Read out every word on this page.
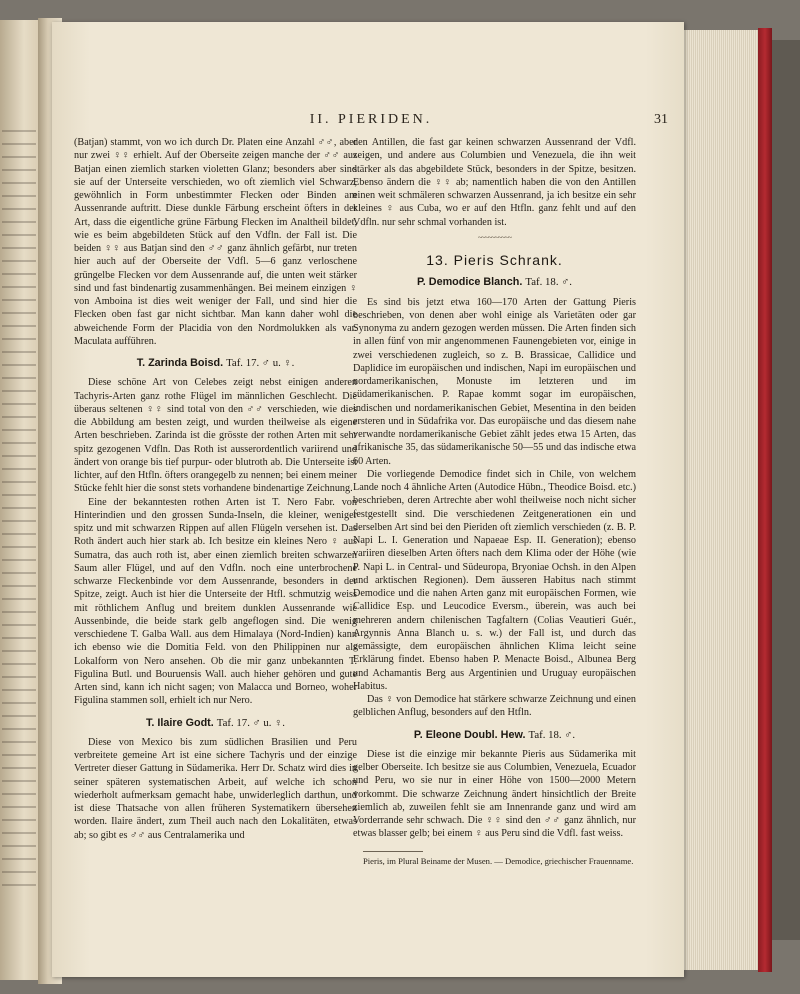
II. PIERIDEN.	31

(Batjan) stammt, von wo ich durch Dr. Platen eine Anzahl ♂♂, aber nur zwei ♀♀ erhielt. Auf der Oberseite zeigen manche der ♂♂ aus Batjan einen ziemlich starken violetten Glanz; besonders aber sind sie auf der Unterseite verschieden, wo oft ziemlich viel Schwarz, gewöhnlich in Form unbestimmter Flecken oder Binden am Aussenrande auftritt. Diese dunkle Färbung erscheint öfters in der Art, dass die eigentliche grüne Färbung Flecken im Analtheil bildet, wie es beim abgebildeten Stück auf den Vdfln. der Fall ist. Die beiden ♀♀ aus Batjan sind den ♂♂ ganz ähnlich gefärbt, nur treten hier auch auf der Oberseite der Vdfl. 5—6 ganz verloschene grüngelbe Flecken vor dem Aussenrande auf, die unten weit stärker sind und fast bindenartig zusammenhängen. Bei meinem einzigen ♀ von Amboina ist dies weit weniger der Fall, und sind hier die Flecken oben fast gar nicht sichtbar. Man kann daher wohl die abweichende Form der Placidia von den Nordmolukken als var. Maculata aufführen.

T. Zarinda Boisd. Taf. 17. ♂ u. ♀.

Diese schöne Art von Celebes zeigt nebst einigen anderen Tachyris-Arten ganz rothe Flügel im männlichen Geschlecht. Die überaus seltenen ♀♀ sind total von den ♂♂ verschieden, wie dies die Abbildung am besten zeigt, und wurden theilweise als eigene Arten beschrieben. Zarinda ist die grösste der rothen Arten mit sehr spitz gezogenen Vdfln. Das Roth ist ausserordentlich variirend und ändert von orange bis tief purpur- oder blutroth ab. Die Unterseite ist lichter, auf den Htfln. öfters orangegelb zu nennen; bei einem meiner Stücke fehlt hier die sonst stets vorhandene bindenartige Zeichnung.

Eine der bekanntesten rothen Arten ist T. Nero Fabr. von Hinterindien und den grossen Sunda-Inseln, die kleiner, weniger spitz und mit schwarzen Rippen auf allen Flügeln versehen ist. Das Roth ändert auch hier stark ab. Ich besitze ein kleines Nero ♀ aus Sumatra, das auch roth ist, aber einen ziemlich breiten schwarzen Saum aller Flügel, und auf den Vdfln. noch eine unterbrochene schwarze Fleckenbinde vor dem Aussenrande, besonders in der Spitze, zeigt. Auch ist hier die Unterseite der Htfl. schmutzig weiss mit röthlichem Anflug und breitem dunklen Aussenrande wie Aussenbinde, die beide stark gelb angeflogen sind. Die wenig verschiedene T. Galba Wall. aus dem Himalaya (Nord-Indien) kann ich ebenso wie die Domitia Feld. von den Philippinen nur als Lokalform von Nero ansehen. Ob die mir ganz unbekannten T. Figulina Butl. und Bouruensis Wall. auch hieher gehören und gute Arten sind, kann ich nicht sagen; von Malacca und Borneo, woher Figulina stammen soll, erhielt ich nur Nero.

T. Ilaire Godt. Taf. 17. ♂ u. ♀.

Diese von Mexico bis zum südlichen Brasilien und Peru verbreitete gemeine Art ist eine sichere Tachyris und der einzige Vertreter dieser Gattung in Südamerika. Herr Dr. Schatz wird dies in seiner späteren systematischen Arbeit, auf welche ich schon wiederholt aufmerksam gemacht habe, unwiderleglich darthun, und ist diese Thatsache von allen früheren Systematikern übersehen worden. Ilaire ändert, zum Theil auch nach den Lokalitäten, etwas ab; so gibt es ♂♂ aus Centralamerika und

den Antillen, die fast gar keinen schwarzen Aussenrand der Vdfl. zeigen, und andere aus Columbien und Venezuela, die ihn weit stärker als das abgebildete Stück, besonders in der Spitze, besitzen. Ebenso ändern die ♀♀ ab; namentlich haben die von den Antillen einen weit schmäleren schwarzen Aussenrand, ja ich besitze ein sehr kleines ♀ aus Cuba, wo er auf den Htfln. ganz fehlt und auf den Vdfln. nur sehr schmal vorhanden ist.

~~~~~~~~~~
13. Pieris Schrank.
P. Demodice Blanch. Taf. 18. ♂.

Es sind bis jetzt etwa 160—170 Arten der Gattung Pieris beschrieben, von denen aber wohl einige als Varietäten oder gar Synonyma zu andern gezogen werden müssen. Die Arten finden sich in allen fünf von mir angenommenen Faunengebieten vor, einige in zwei verschiedenen zugleich, so z. B. Brassicae, Callidice und Daplidice im europäischen und indischen, Napi im europäischen und nordamerikanischen, Monuste im letzteren und im südamerikanischen. P. Rapae kommt sogar im europäischen, indischen und nordamerikanischen Gebiet, Mesentina in den beiden ersteren und in Südafrika vor. Das europäische und das diesem nahe verwandte nordamerikanische Gebiet zählt jedes etwa 15 Arten, das afrikanische 35, das südamerikanische 50—55 und das indische etwa 60 Arten.

Die vorliegende Demodice findet sich in Chile, von welchem Lande noch 4 ähnliche Arten (Autodice Hübn., Theodice Boisd. etc.) beschrieben, deren Artrechte aber wohl theilweise noch nicht sicher festgestellt sind. Die verschiedenen Zeitgenerationen ein und derselben Art sind bei den Pieriden oft ziemlich verschieden (z. B. P. Napi L. I. Generation und Napaeae Esp. II. Generation); ebenso variiren dieselben Arten öfters nach dem Klima oder der Höhe (wie P. Napi L. in Central- und Südeuropa, Bryoniae Ochsh. in den Alpen und arktischen Regionen). Dem äusseren Habitus nach stimmt Demodice und die nahen Arten ganz mit europäischen Formen, wie Callidice Esp. und Leucodice Eversm., überein, was auch bei mehreren andern chilenischen Tagfaltern (Colias Veautieri Guér., Argynnis Anna Blanch u. s. w.) der Fall ist, und durch das gemässigte, dem europäischen ähnlichen Klima leicht seine Erklärung findet. Ebenso haben P. Menacte Boisd., Albunea Berg und Achamantis Berg aus Argentinien und Uruguay europäischen Habitus.

Das ♀ von Demodice hat stärkere schwarze Zeichnung und einen gelblichen Anflug, besonders auf den Htfln.

P. Eleone Doubl. Hew. Taf. 18. ♂.

Diese ist die einzige mir bekannte Pieris aus Südamerika mit gelber Oberseite. Ich besitze sie aus Columbien, Venezuela, Ecuador und Peru, wo sie nur in einer Höhe von 1500—2000 Metern vorkommt. Die schwarze Zeichnung ändert hinsichtlich der Breite ziemlich ab, zuweilen fehlt sie am Innenrande ganz und wird am Vorderrande sehr schwach. Die ♀♀ sind den ♂♂ ganz ähnlich, nur etwas blasser gelb; bei einem ♀ aus Peru sind die Vdfl. fast weiss.

Pieris, im Plural Beiname der Musen. — Demodice, griechischer Frauenname.
